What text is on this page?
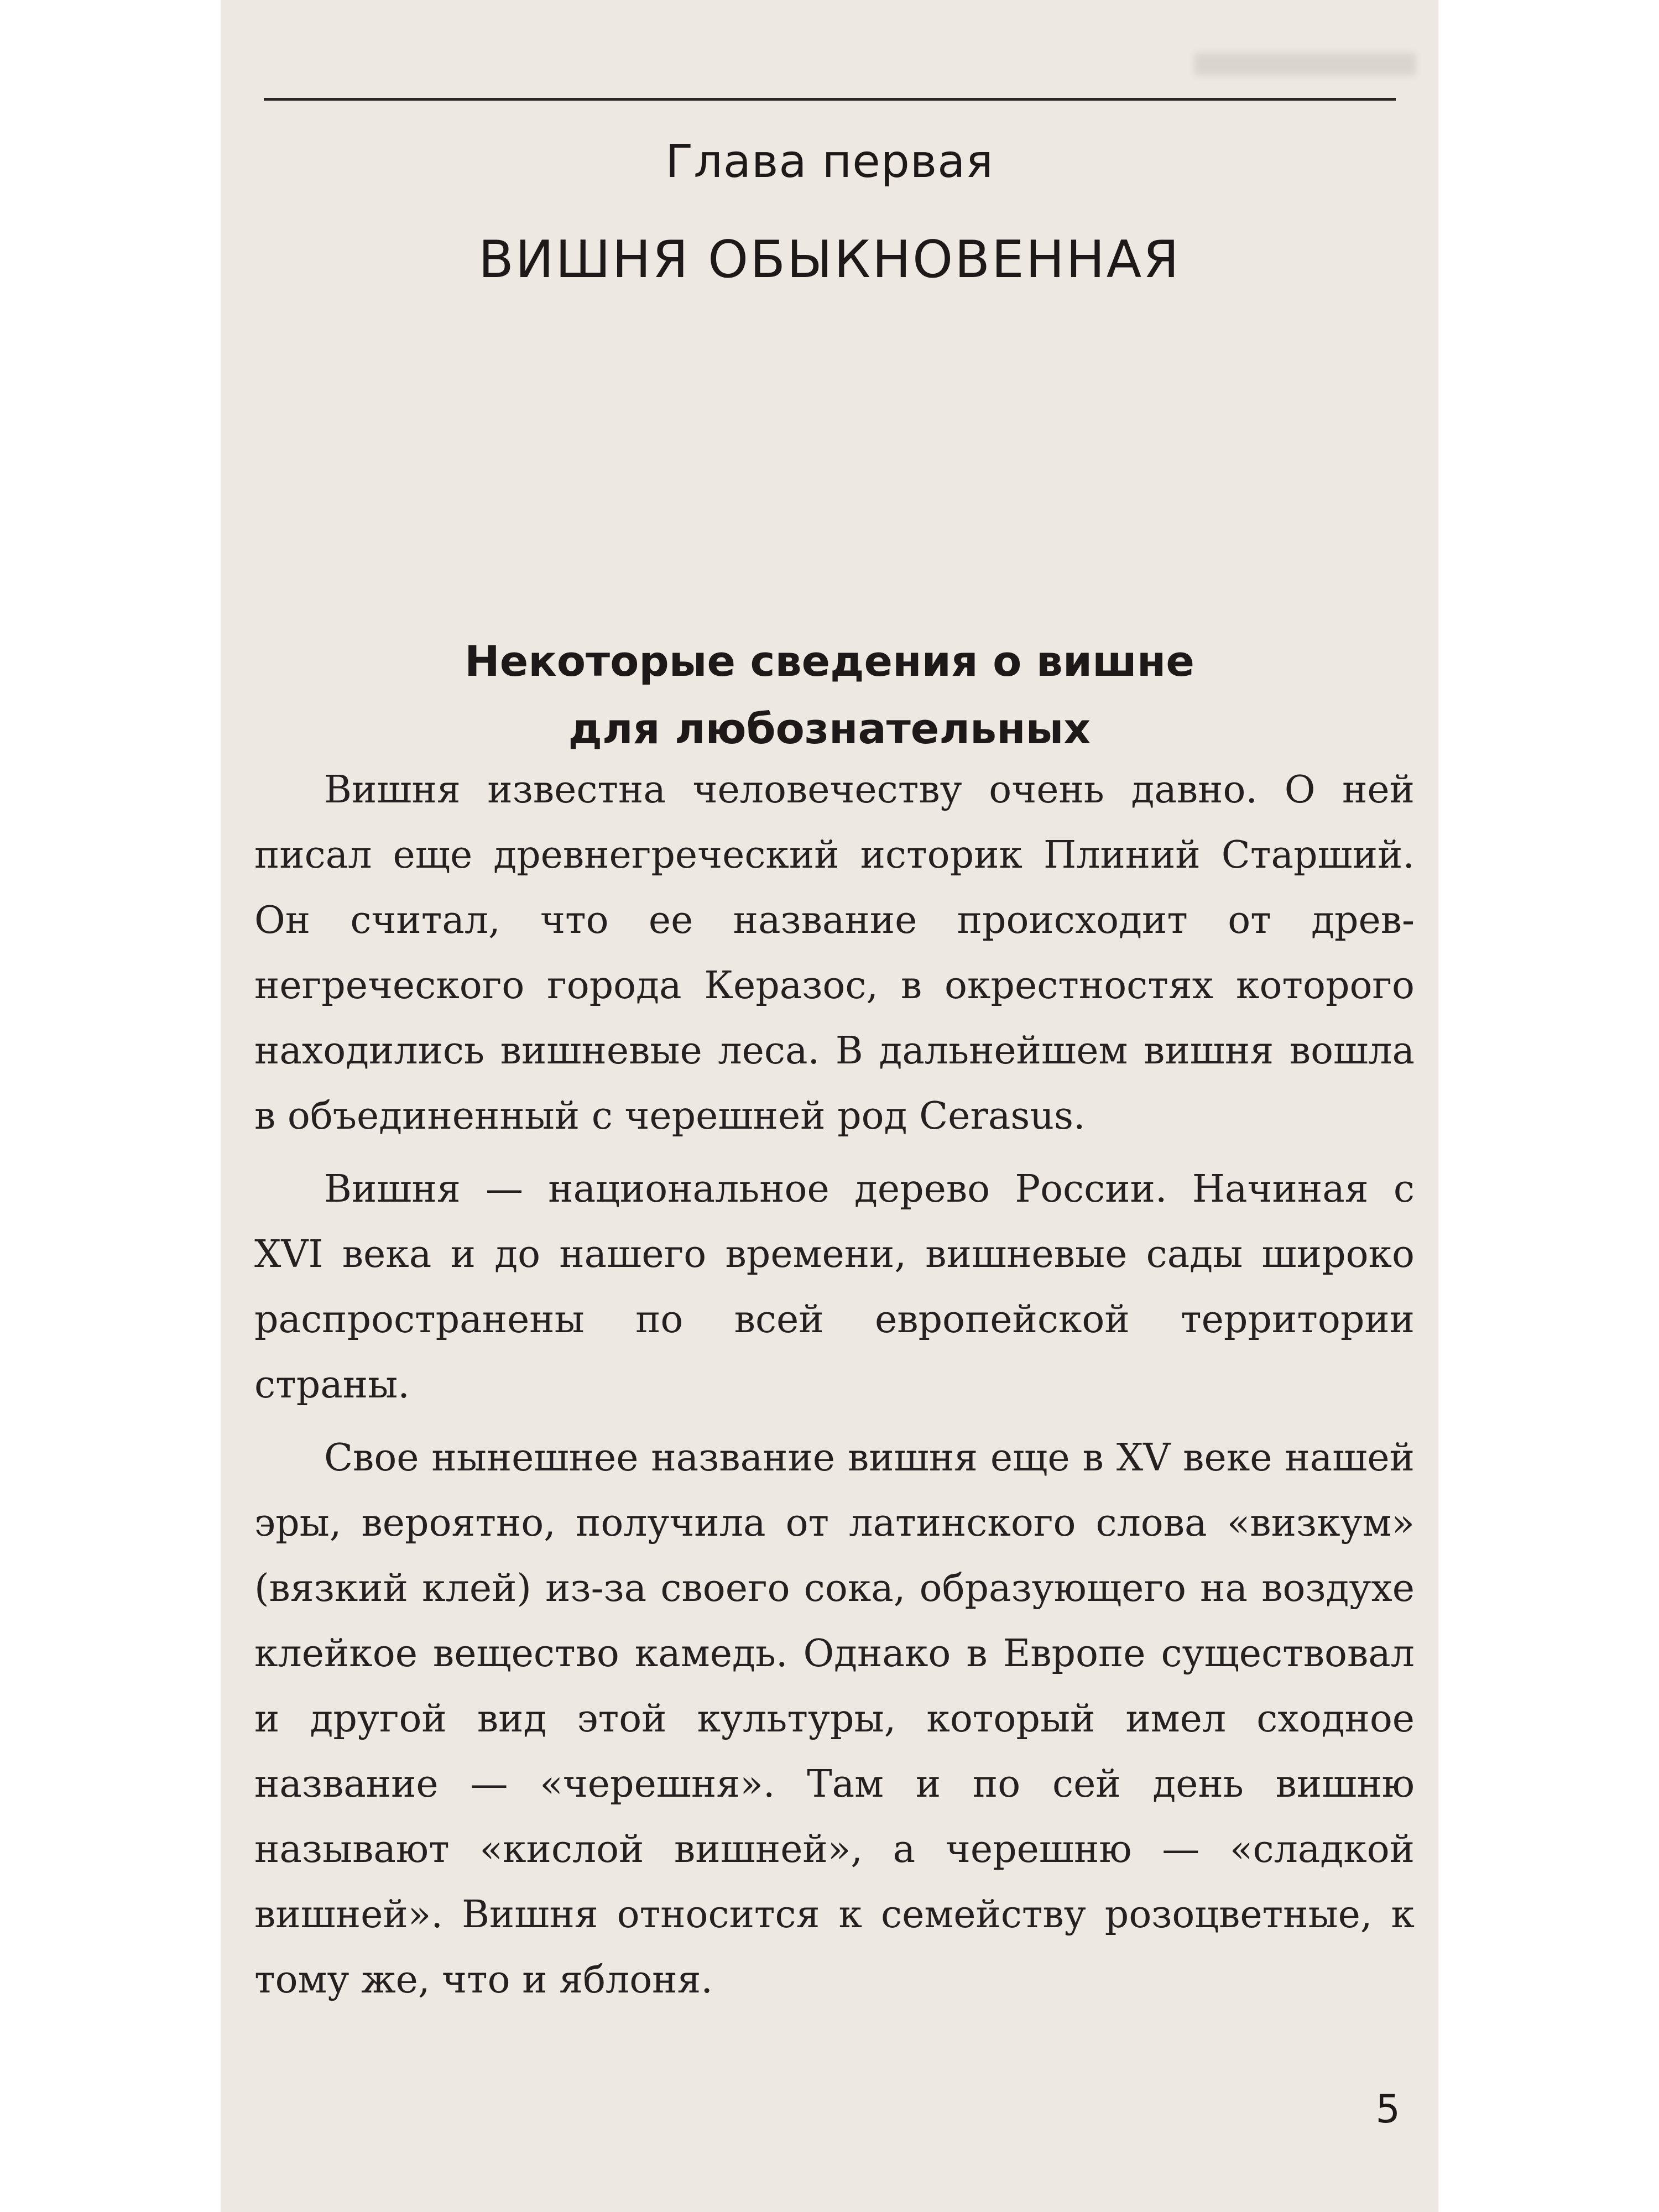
Глава первая
ВИШНЯ ОБЫКНОВЕННАЯ
Некоторые сведения о вишне
для любознательных

Вишня известна человечеству очень давно. О ней писал еще древнегреческий историк Плиний Старший. Он считал, что ее название происходит от древнегреческого города Керазос, в окрестностях которого находились вишневые леса. В дальнейшем вишня вошла в объединенный с черешней род Cerasus.

Вишня — национальное дерево России. Начиная с XVI века и до нашего времени, вишневые сады широко распространены по всей европейской территории страны.

Свое нынешнее название вишня еще в XV веке нашей эры, вероятно, получила от латинского слова «визкум» (вязкий клей) из-за своего сока, образующего на воздухе клейкое вещество камедь. Однако в Европе существовал и другой вид этой культуры, который имел сходное название — «черешня». Там и по сей день вишню называют «кислой вишней», а черешню — «сладкой вишней». Вишня относится к семейству розоцветные, к тому же, что и яблоня.

5
